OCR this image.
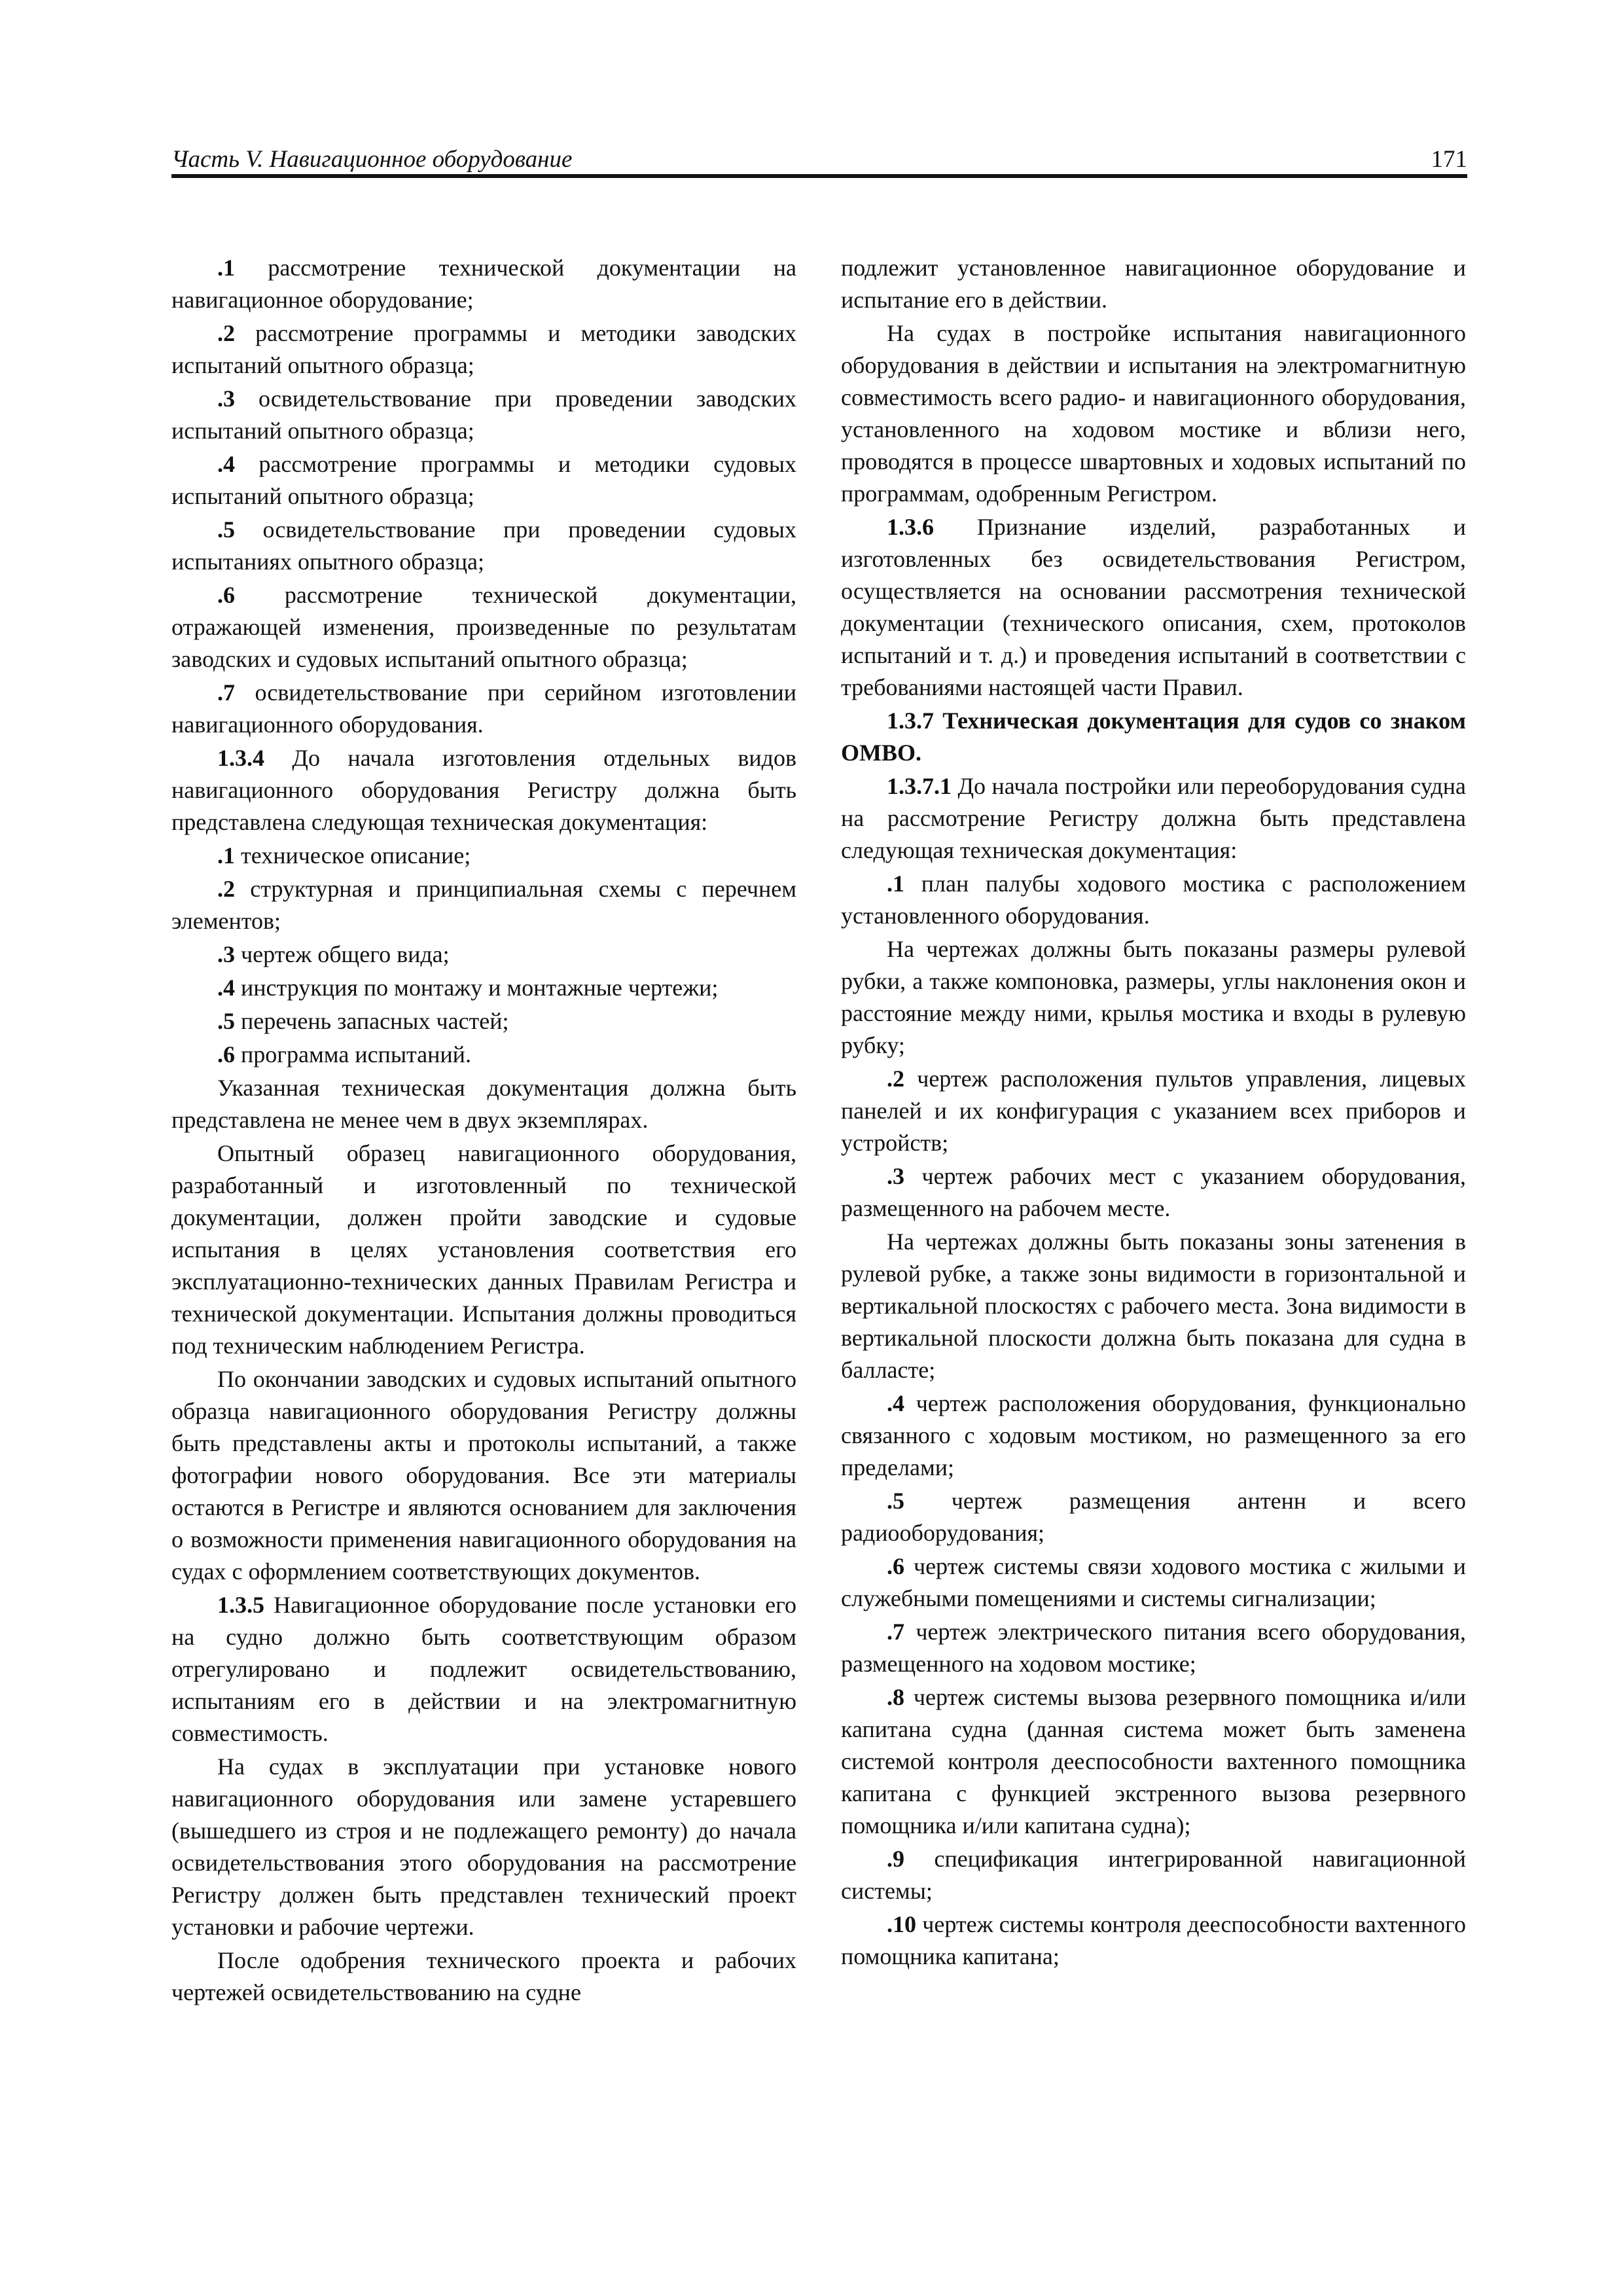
Часть V. Навигационное оборудование	171

.1 рассмотрение технической документации на навигационное оборудование;

.2 рассмотрение программы и методики заводских испытаний опытного образца;

.3 освидетельствование при проведении заводских испытаний опытного образца;

.4 рассмотрение программы и методики судовых испытаний опытного образца;

.5 освидетельствование при проведении судовых испытаниях опытного образца;

.6 рассмотрение технической документации, отражающей изменения, произведенные по результатам заводских и судовых испытаний опытного образца;

.7 освидетельствование при серийном изготовлении навигационного оборудования.

1.3.4 До начала изготовления отдельных видов навигационного оборудования Регистру должна быть представлена следующая техническая документация:

.1 техническое описание;

.2 структурная и принципиальная схемы с перечнем элементов;

.3 чертеж общего вида;

.4 инструкция по монтажу и монтажные чертежи;

.5 перечень запасных частей;

.6 программа испытаний.

Указанная техническая документация должна быть представлена не менее чем в двух экземплярах.

Опытный образец навигационного оборудования, разработанный и изготовленный по технической документации, должен пройти заводские и судовые испытания в целях установления соответствия его эксплуатационно-технических данных Правилам Регистра и технической документации. Испытания должны проводиться под техническим наблюдением Регистра.

По окончании заводских и судовых испытаний опытного образца навигационного оборудования Регистру должны быть представлены акты и протоколы испытаний, а также фотографии нового оборудования. Все эти материалы остаются в Регистре и являются основанием для заключения о возможности применения навигационного оборудования на судах с оформлением соответствующих документов.

1.3.5 Навигационное оборудование после установки его на судно должно быть соответствующим образом отрегулировано и подлежит освидетельствованию, испытаниям его в действии и на электромагнитную совместимость.

На судах в эксплуатации при установке нового навигационного оборудования или замене устаревшего (вышедшего из строя и не подлежащего ремонту) до начала освидетельствования этого оборудования на рассмотрение Регистру должен быть представлен технический проект установки и рабочие чертежи.

После одобрения технического проекта и рабочих чертежей освидетельствованию на судне

подлежит установленное навигационное оборудование и испытание его в действии.

На судах в постройке испытания навигационного оборудования в действии и испытания на электромагнитную совместимость всего радио- и навигационного оборудования, установленного на ходовом мостике и вблизи него, проводятся в процессе швартовных и ходовых испытаний по программам, одобренным Регистром.

1.3.6 Признание изделий, разработанных и изготовленных без освидетельствования Регистром, осуществляется на основании рассмотрения технической документации (технического описания, схем, протоколов испытаний и т. д.) и проведения испытаний в соответствии с требованиями настоящей части Правил.

1.3.7 Техническая документация для судов со знаком ОМВО.

1.3.7.1 До начала постройки или переоборудования судна на рассмотрение Регистру должна быть представлена следующая техническая документация:

.1 план палубы ходового мостика с расположением установленного оборудования.

На чертежах должны быть показаны размеры рулевой рубки, а также компоновка, размеры, углы наклонения окон и расстояние между ними, крылья мостика и входы в рулевую рубку;

.2 чертеж расположения пультов управления, лицевых панелей и их конфигурация с указанием всех приборов и устройств;

.3 чертеж рабочих мест с указанием оборудования, размещенного на рабочем месте.

На чертежах должны быть показаны зоны затенения в рулевой рубке, а также зоны видимости в горизонтальной и вертикальной плоскостях с рабочего места. Зона видимости в вертикальной плоскости должна быть показана для судна в балласте;

.4 чертеж расположения оборудования, функционально связанного с ходовым мостиком, но размещенного за его пределами;

.5 чертеж размещения антенн и всего радиооборудования;

.6 чертеж системы связи ходового мостика с жилыми и служебными помещениями и системы сигнализации;

.7 чертеж электрического питания всего оборудования, размещенного на ходовом мостике;

.8 чертеж системы вызова резервного помощника и/или капитана судна (данная система может быть заменена системой контроля дееспособности вахтенного помощника капитана с функцией экстренного вызова резервного помощника и/или капитана судна);

.9 спецификация интегрированной навигационной системы;

.10 чертеж системы контроля дееспособности вахтенного помощника капитана;
